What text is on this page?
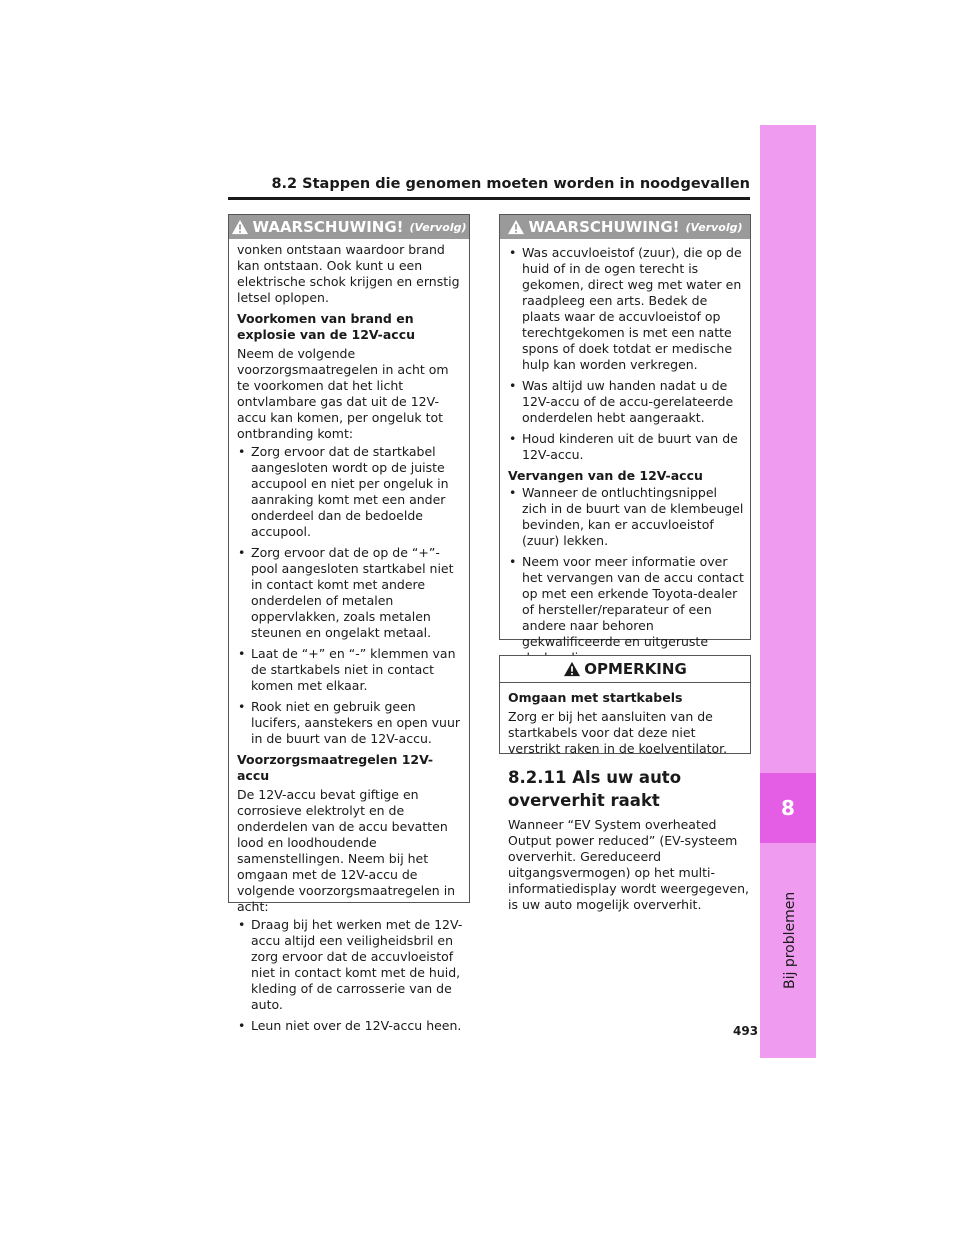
8.2 Stappen die genomen moeten worden in noodgevallen
8
Bij problemen
493
WAARSCHUWING! (Vervolg)

vonken ontstaan waardoor brand kan ontstaan. Ook kunt u een elektrische schok krijgen en ernstig letsel oplopen.

Voorkomen van brand en explosie van de 12V-accu

Neem de volgende voorzorgsmaatregelen in acht om te voorkomen dat het licht ontvlambare gas dat uit de 12V-accu kan komen, per ongeluk tot ontbranding komt:

• Zorg ervoor dat de startkabel aangesloten wordt op de juiste accupool en niet per ongeluk in aanraking komt met een ander onderdeel dan de bedoelde accupool.
• Zorg ervoor dat de op de “+”-pool aangesloten startkabel niet in contact komt met andere onderdelen of metalen oppervlakken, zoals metalen steunen en ongelakt metaal.
• Laat de “+” en “-” klemmen van de startkabels niet in contact komen met elkaar.
• Rook niet en gebruik geen lucifers, aanstekers en open vuur in de buurt van de 12V-accu.

Voorzorgsmaatregelen 12V-accu

De 12V-accu bevat giftige en corrosieve elektrolyt en de onderdelen van de accu bevatten lood en loodhoudende samenstellingen. Neem bij het omgaan met de 12V-accu de volgende voorzorgsmaatregelen in acht:

• Draag bij het werken met de 12V-accu altijd een veiligheidsbril en zorg ervoor dat de accuvloeistof niet in contact komt met de huid, kleding of de carrosserie van de auto.
• Leun niet over de 12V-accu heen.
WAARSCHUWING! (Vervolg)
• Was accuvloeistof (zuur), die op de huid of in de ogen terecht is gekomen, direct weg met water en raadpleeg een arts. Bedek de plaats waar de accuvloeistof op terechtgekomen is met een natte spons of doek totdat er medische hulp kan worden verkregen.
• Was altijd uw handen nadat u de 12V-accu of de accu-gerelateerde onderdelen hebt aangeraakt.
• Houd kinderen uit de buurt van de 12V-accu.

Vervangen van de 12V-accu

• Wanneer de ontluchtingsnippel zich in de buurt van de klembeugel bevinden, kan er accuvloeistof (zuur) lekken.
• Neem voor meer informatie over het vervangen van de accu contact op met een erkende Toyota-dealer of hersteller/reparateur of een andere naar behoren gekwalificeerde en uitgeruste
OPMERKING

Omgaan met startkabels

Zorg er bij het aansluiten van de startkabels voor dat deze niet verstrikt raken in de koelventilator.

8.2.11 Als uw auto oververhit raakt

Wanneer “EV System overheated Output power reduced” (EV-systeem oververhit. Gereduceerd uitgangsvermogen) op het multi-informatiedisplay wordt weergegeven, is uw auto mogelijk oververhit.
